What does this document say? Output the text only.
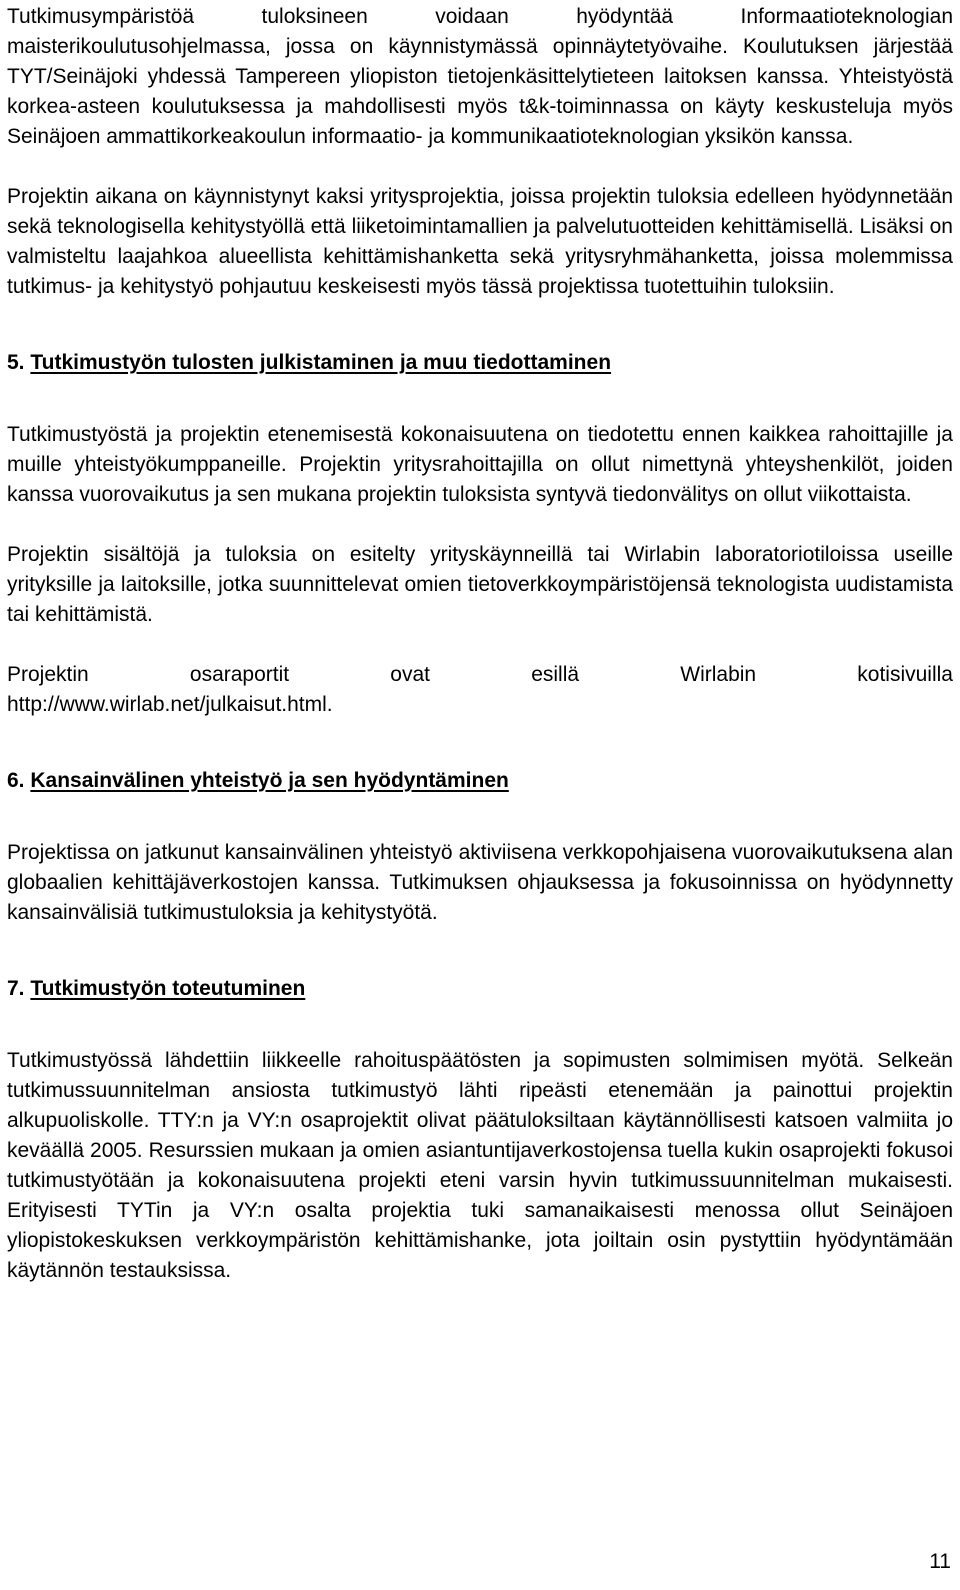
Tutkimusympäristöä tuloksineen voidaan hyödyntää Informaatioteknologian maisterikoulutusohjelmassa, jossa on käynnistymässä opinnäytetyövaihe. Koulutuksen järjestää TYT/Seinäjoki yhdessä Tampereen yliopiston tietojenkäsittelytieteen laitoksen kanssa. Yhteistyöstä korkea-asteen koulutuksessa ja mahdollisesti myös t&k-toiminnassa on käyty keskusteluja myös Seinäjoen ammattikorkeakoulun informaatio- ja kommunikaatioteknologian yksikön kanssa.

Projektin aikana on käynnistynyt kaksi yritysprojektia, joissa projektin tuloksia edelleen hyödynnetään sekä teknologisella kehitystyöllä että liiketoimintamallien ja palvelutuotteiden kehittämisellä. Lisäksi on valmisteltu laajahkoa alueellista kehittämishanketta sekä yritysryhmähanketta, joissa molemmissa tutkimus- ja kehitystyö pohjautuu keskeisesti myös tässä projektissa tuotettuihin tuloksiin.

5. Tutkimustyön tulosten julkistaminen ja muu tiedottaminen

Tutkimustyöstä ja projektin etenemisestä kokonaisuutena on tiedotettu ennen kaikkea rahoittajille ja muille yhteistyökumppaneille. Projektin yritysrahoittajilla on ollut nimettynä yhteyshenkilöt, joiden kanssa vuorovaikutus ja sen mukana projektin tuloksista syntyvä tiedonvälitys on ollut viikottaista.

Projektin sisältöjä ja tuloksia on esitelty yrityskäynneillä tai Wirlabin laboratoriotiloissa useille yrityksille ja laitoksille, jotka suunnittelevat omien tietoverkkoympäristöjensä teknologista uudistamista tai kehittämistä.

Projektin osaraportit ovat esillä Wirlabin kotisivuilla

http://www.wirlab.net/julkaisut.html.

6. Kansainvälinen yhteistyö ja sen hyödyntäminen

Projektissa on jatkunut kansainvälinen yhteistyö aktiviisena verkkopohjaisena vuorovaikutuksena alan globaalien kehittäjäverkostojen kanssa. Tutkimuksen ohjauksessa ja fokusoinnissa on hyödynnetty kansainvälisiä tutkimustuloksia ja kehitystyötä.

7. Tutkimustyön toteutuminen

Tutkimustyössä lähdettiin liikkeelle rahoituspäätösten ja sopimusten solmimisen myötä. Selkeän tutkimussuunnitelman ansiosta tutkimustyö lähti ripeästi etenemään ja painottui projektin alkupuoliskolle. TTY:n ja VY:n osaprojektit olivat päätuloksiltaan käytännöllisesti katsoen valmiita jo keväällä 2005. Resurssien mukaan ja omien asiantuntijaverkostojensa tuella kukin osaprojekti fokusoi tutkimustyötään ja kokonaisuutena projekti eteni varsin hyvin tutkimussuunnitelman mukaisesti. Erityisesti TYTin ja VY:n osalta projektia tuki samanaikaisesti menossa ollut Seinäjoen yliopistokeskuksen verkkoympäristön kehittämishanke, jota joiltain osin pystyttiin hyödyntämään käytännön testauksissa.

11
